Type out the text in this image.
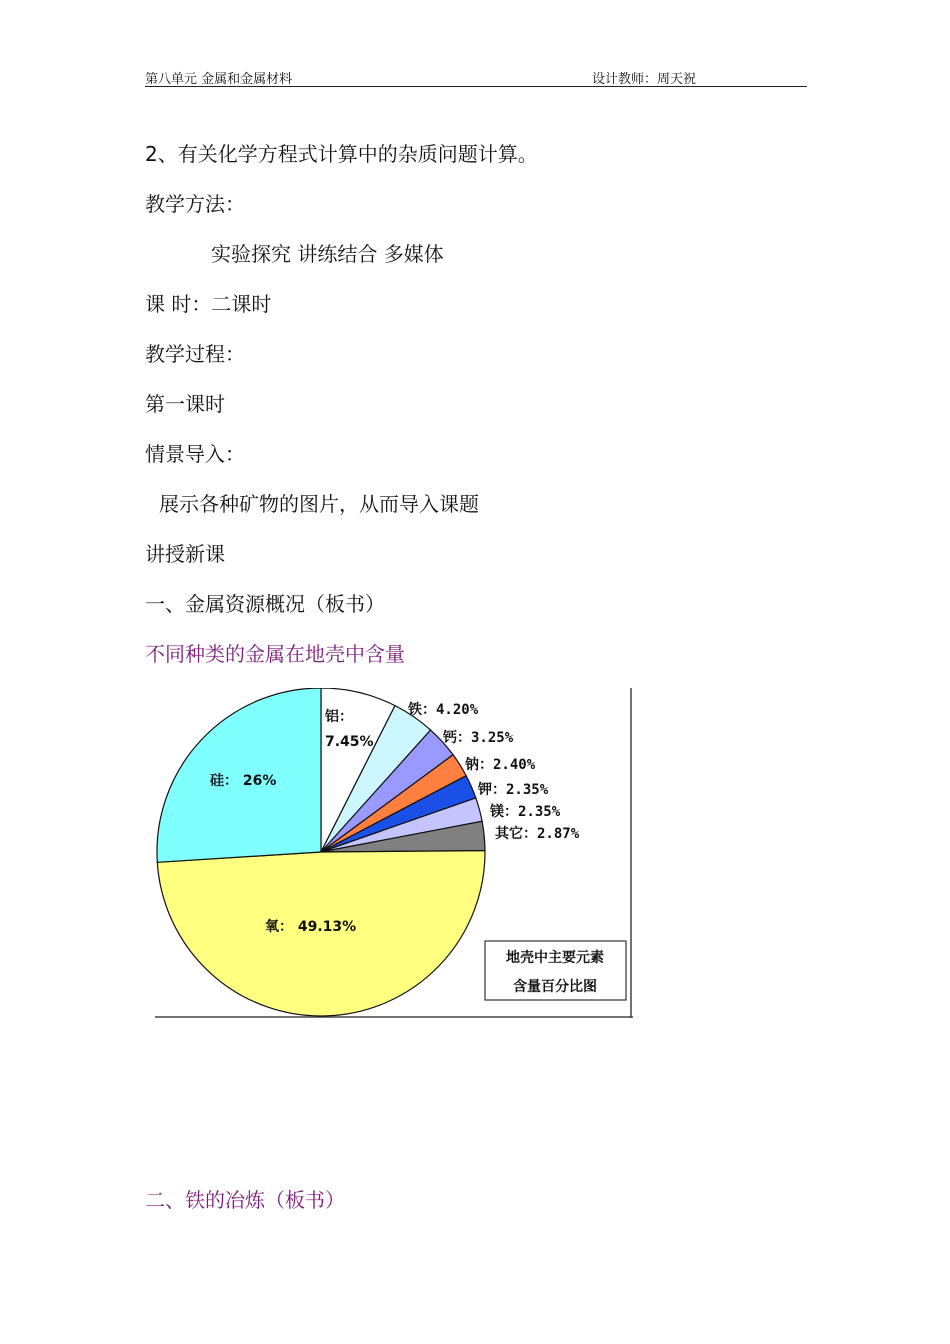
第八单元 金属和金属材料	设计教师：周天祝
2、有关化学方程式计算中的杂质问题计算。
教学方法：
实验探究 讲练结合 多媒体
课 时：二课时
教学过程：
第一课时
情景导入：
展示各种矿物的图片，从而导入课题
讲授新课
一、金属资源概况（板书）
不同种类的金属在地壳中含量
铝：
7.45%
铁：4.20%
钙：3.25%
钠：2.40%
钾：2.35%
镁：2.35%
其它：2.87%
氧： 49.13%
硅： 26%
地壳中主要元素
含量百分比图
二、铁的冶炼（板书）
